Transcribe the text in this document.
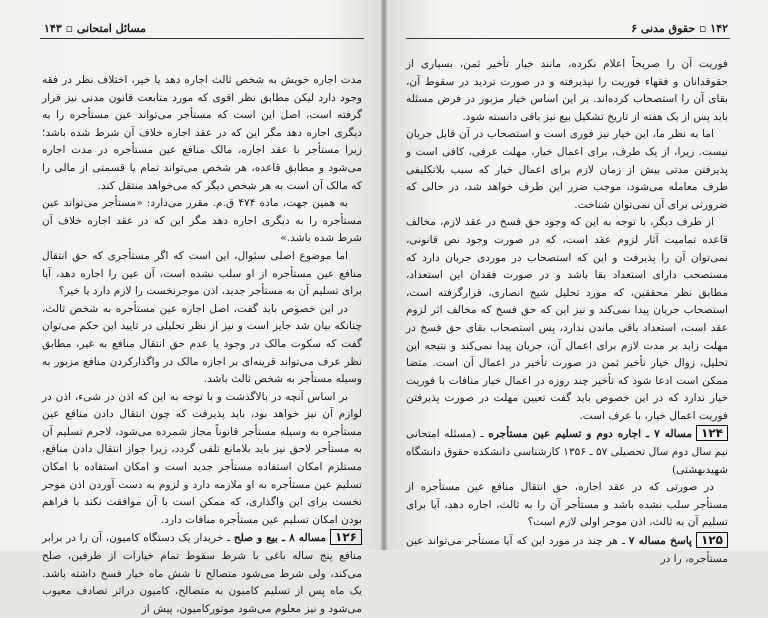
مسائل امتحانی ▫ ۱۴۳

مدت اجاره خویش به شخص ثالث اجاره دهد یا خیر، اختلاف نظر در فقه وجود دارد لیکن مطابق نظر اقوی که مورد متابعت قانون مدنی نیز قرار گرفته است، اصل این است که مستأجر می‌تواند عین مستأجره را به دیگری اجاره دهد مگر این که در عقد اجاره خلاف آن شرط شده باشد؛ زیرا مستأجر با عقد اجاره، مالک منافع عین مستأجره در مدت اجاره می‌شود و مطابق قاعده، هر شخص می‌تواند تمام یا قسمتی از مالی را که مالک آن است به هر شخص دیگر که می‌خواهد منتقل کند.

به همین جهت، ماده ۴۷۴ ق.م. مقرر می‌دارد: «مستأجر می‌تواند عین مستأجره را به دیگری اجاره دهد مگر این که در عقد اجاره خلاف آن شرط شده باشد.»

اما موضوع اصلی سئوال، این است که اگر مستأجری که حق انتقال منافع عین مستأجره از او سلب نشده است، آن عین را اجاره دهد، آیا برای تسلیم آن به مستأجر جدید، اذن موجرنخست را لازم دارد یا خیر؟

در این خصوص باید گفت، اصل اجاره عین مستأجره به شخص ثالث، چنانکه بیان شد جایز است و نیز از نظر تحلیلی در تایید این حکم می‌توان گفت که سکوت مالک در وجود یا عدم حق انتقال منافع به غیر، مطابق نظر عرف می‌تواند قرینه‌ای بر اجازه مالک در واگذارکردن منافع مزبور به وسیله مستأجر به شخص ثالث باشد.

بر اساس آنچه در بالاگذشت و با توجه به این که اذن در شیء، اذن در لوازم آن نیز خواهد بود، باید پذیرفت که چون انتقال دادن منافع عین مستأجره به وسیله مستأجر قانوناً مجاز شمرده می‌شود، لاجرم تسلیم آن به مستأجر لاحق نیز باید بلامانع تلقی گردد، زیرا جواز انتقال دادن منافع، مستلزم امکان استفاده مستأجر جدید است و امکان استفاده با امکان تسلیم عین مستأجره به او ملازمه دارد و لزوم به دست آوردن اذن موجر نخست برای این واگذاری، که ممکن است با آن موافقت نکند با فراهم بودن امکان تسلیم عین مستأجره منافات دارد.

۱۲۶مساله ۸ ـ بیع و صلح ـ خریدار یک دستگاه کامیون، آن را در برابر منافع پنج ساله باغی با شرط سقوط تمام خیارات از طرفین، صلح می‌کند، ولی شرط می‌شود متصالح تا شش ماه خیار فسخ داشته باشد. یک ماه پس از تسلیم کامیون به متصالح، کامیون دراثر تصادف معیوب می‌شود و نیز معلوم می‌شود موتورکامیون، پیش از

۱۴۲ ▫ حقوق مدنی ۶

فوریت آن را صریحاً اعلام نکرده، مانند خیار تأخیر ثمن، بسیاری از حقوقدانان و فقهاء فوریت را نپذیرفته و در صورت تردید در سقوط آن، بقای آن را استصحاب کرده‌اند. بر این اساس خیار مزبور در فرض مسئله باید پس از یک هفته از تاریخ تشکیل بیع نیز باقی دانسته شود.

اما به نظر ما، این خیار نیز فوری است و استصحاب در آن قابل جریان نیست. زیرا، از یک طرف، برای اعمال خیار، مهلت عرفی، کافی است و پذیرفتن مدتی بیش از زمان لازم برای اعمال خیار که سبب بلاتکلیفی طرف معامله می‌شود، موجب ضرر این طرف خواهد شد، در حالی که ضرورتی برای آن نمی‌توان شناخت.

از طرف دیگر، با توجه به این که وجود حق فسخ در عقد لازم، مخالف قاعده تمامیت آثار لزوم عقد است، که در صورت وجود نص قانونی، نمی‌توان آن را پذیرفت و این که استصحاب در موردی جریان دارد که مستصحب دارای استعداد بقا باشد و در صورت فقدان این استعداد، مطابق نظر محققین، که مورد تحلیل شیخ انصاری، قرارگرفته است، استصحاب جریان پیدا نمی‌کند و نیز این که حق فسخ که مخالف اثر لزوم عقد است، استعداد باقی ماندن ندارد، پس استصحاب بقای حق فسخ در مهلت زاید بر مدت لازم برای اعمال آن، جریان پیدا نمی‌کند و نتیجه این تحلیل، زوال خیار تأخیر ثمن در صورت تأخیر در اعمال آن است. متضا ممکن است ادعا شود که تأخیر چند روزه در اعمال خیار منافات با فوریت خیار ندارد که در این خصوص باید گفت تعیین مهلت در صورت پذیرفتن فوریت اعمال خیار، با عرف است.

۱۲۴مساله ۷ ـ اجاره دوم و تسلیم عین مستأجره ـ (مسئله امتحانی نیم سال دوم سال تحصیلی ۵۷ ـ ۱۳۵۶ کارشناسی دانشکده حقوق دانشگاه شهیدبهشتی)

در صورتی که در عقد اجاره، حق انتقال منافع عین مستأجره از مستأجر سلب نشده باشد و مستأجر آن را به ثالث، اجاره دهد، آیا برای تسلیم آن به ثالث، اذن موجر اولی لازم است؟

۱۲۵پاسخ مساله ۷ ـ هر چند در مورد این که آیا مستأجر می‌تواند عین مستأجره، را در
